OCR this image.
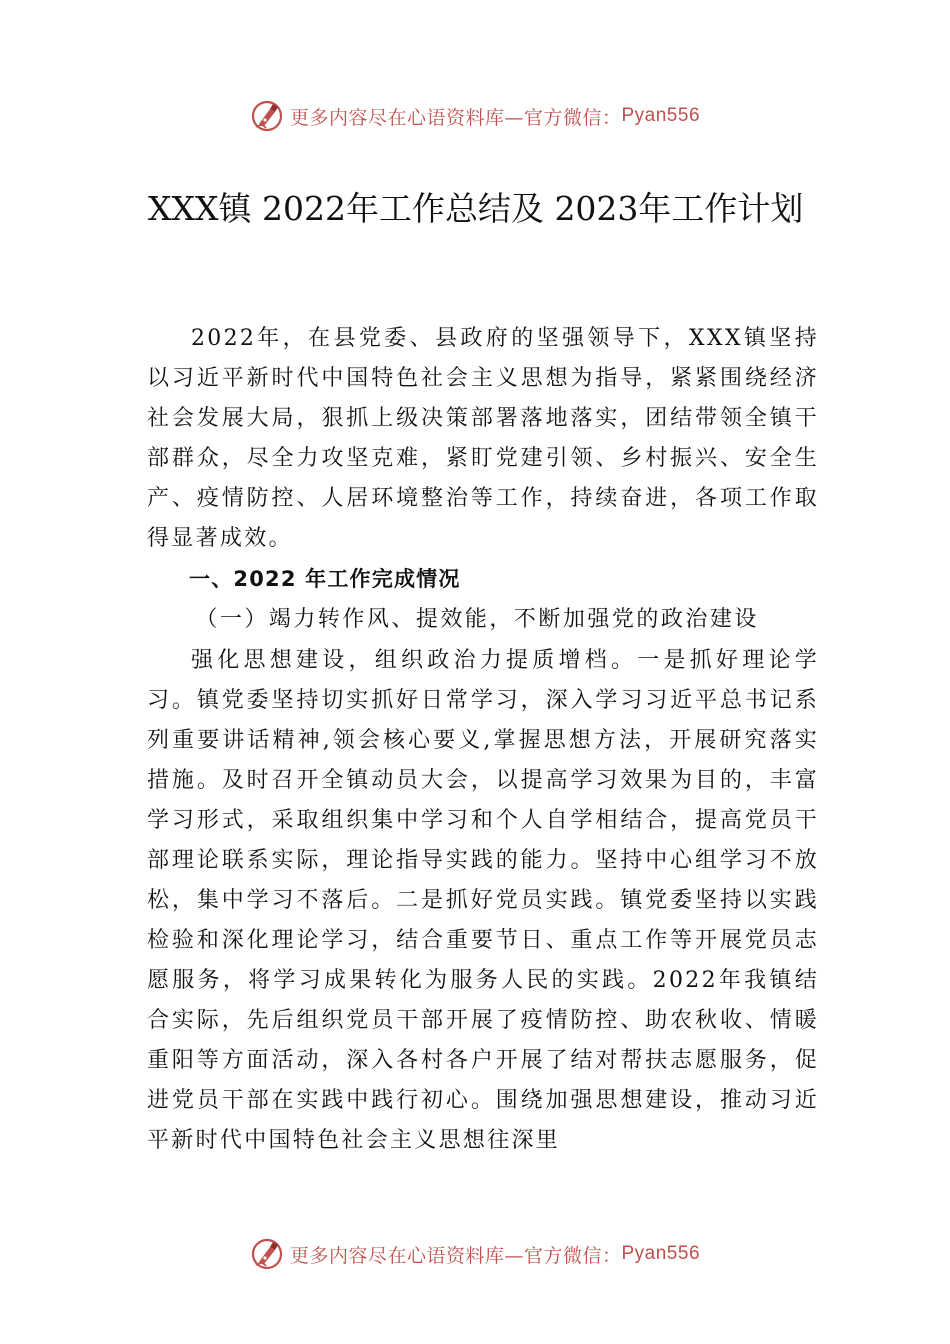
更多内容尽在心语资料库—官方微信： Pyan556
XXX镇 2022年工作总结及 2023年工作计划

2022年，在县党委、县政府的坚强领导下，XXX镇坚持以习近平新时代中国特色社会主义思想为指导，紧紧围绕经济社会发展大局，狠抓上级决策部署落地落实，团结带领全镇干部群众，尽全力攻坚克难，紧盯党建引领、乡村振兴、安全生产、疫情防控、人居环境整治等工作，持续奋进，各项工作取得显著成效。

一、2022 年工作完成情况
（一）竭力转作风、提效能，不断加强党的政治建设

强化思想建设，组织政治力提质增档。一是抓好理论学习。镇党委坚持切实抓好日常学习，深入学习习近平总书记系列重要讲话精神,领会核心要义,掌握思想方法，开展研究落实措施。及时召开全镇动员大会，以提高学习效果为目的，丰富学习形式，采取组织集中学习和个人自学相结合，提高党员干部理论联系实际，理论指导实践的能力。坚持中心组学习不放松，集中学习不落后。二是抓好党员实践。镇党委坚持以实践检验和深化理论学习，结合重要节日、重点工作等开展党员志愿服务，将学习成果转化为服务人民的实践。2022年我镇结合实际，先后组织党员干部开展了疫情防控、助农秋收、情暖重阳等方面活动，深入各村各户开展了结对帮扶志愿服务，促进党员干部在实践中践行初心。围绕加强思想建设，推动习近平新时代中国特色社会主义思想往深里

更多内容尽在心语资料库—官方微信： Pyan556
